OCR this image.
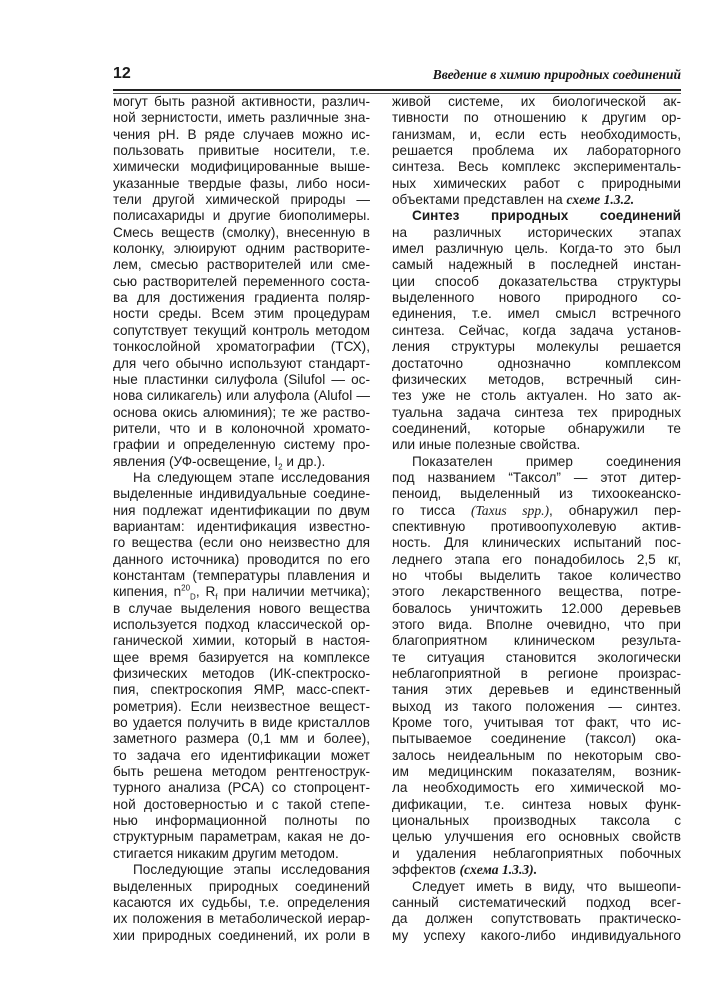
12	Введение в химию природных соединений

могут быть разной активности, различ-
ной зернистости, иметь различные зна-
чения pH. В ряде случаев можно ис-
пользовать привитые носители, т.е.
химически модифицированные выше-
указанные твердые фазы, либо носи-
тели другой химической природы —
полисахариды и другие биополимеры.
Смесь веществ (смолку), внесенную в
колонку, элюируют одним растворите-
лем, смесью растворителей или сме-
сью растворителей переменного соста-
ва для достижения градиента поляр-
ности среды. Всем этим процедурам
сопутствует текущий контроль методом
тонкослойной хроматографии (ТСХ),
для чего обычно используют стандарт-
ные пластинки силуфола (Silufol — ос-
нова силикагель) или алуфола (Alufol —
основа окись алюминия); те же раство-
рители, что и в колоночной хромато-
графии и определенную систему про-
явления (УФ-освещение, $I_2$ и др.).

На следующем этапе исследования
выделенные индивидуальные соедине-
ния подлежат идентификации по двум
вариантам: идентификация известно-
го вещества (если оно неизвестно для
данного источника) проводится по его
константам (температуры плавления и
кипения, $n^{20}_D$, $R_f$ при наличии метчика);
в случае выделения нового вещества
используется подход классической ор-
ганической химии, который в настоя-
щее время базируется на комплексе
физических методов (ИК-спектроско-
пия, спектроскопия ЯМР, масс-спект-
рометрия). Если неизвестное вещест-
во удается получить в виде кристаллов
заметного размера (0,1 мм и более),
то задача его идентификации может
быть решена методом рентгенострук-
турного анализа (РСА) со стопроцент-
ной достоверностью и с такой степе-
нью информационной полноты по
структурным параметрам, какая не до-
стигается никаким другим методом.

Последующие этапы исследования
выделенных природных соединений
касаются их судьбы, т.е. определения
их положения в метаболической иерар-
хии природных соединений, их роли в

живой системе, их биологической ак-
тивности по отношению к другим ор-
ганизмам, и, если есть необходимость,
решается проблема их лабораторного
синтеза. Весь комплекс эксперименталь-
ных химических работ с природными
объектами представлен на схеме 1.3.2.

Синтез природных соединений
на различных исторических этапах
имел различную цель. Когда-то это был
самый надежный в последней инстан-
ции способ доказательства структуры
выделенного нового природного со-
единения, т.е. имел смысл встречного
синтеза. Сейчас, когда задача установ-
ления структуры молекулы решается
достаточно однозначно комплексом
физических методов, встречный син-
тез уже не столь актуален. Но зато ак-
туальна задача синтеза тех природных
соединений, которые обнаружили те
или иные полезные свойства.

Показателен пример соединения
под названием “Таксол” — этот дитер-
пеноид, выделенный из тихоокеанско-
го тисса (Taxus spp.), обнаружил пер-
спективную противоопухолевую актив-
ность. Для клинических испытаний пос-
леднего этапа его понадобилось 2,5 кг,
но чтобы выделить такое количество
этого лекарственного вещества, потре-
бовалось уничтожить 12.000 деревьев
этого вида. Вполне очевидно, что при
благоприятном клиническом результа-
те ситуация становится экологически
неблагоприятной в регионе произрас-
тания этих деревьев и единственный
выход из такого положения — синтез.
Кроме того, учитывая тот факт, что ис-
пытываемое соединение (таксол) ока-
залось неидеальным по некоторым сво-
им медицинским показателям, возник-
ла необходимость его химической мо-
дификации, т.е. синтеза новых функ-
циональных производных таксола с
целью улучшения его основных свойств
и удаления неблагоприятных побочных
эффектов (схема 1.3.3).

Следует иметь в виду, что вышеопи-
санный систематический подход всег-
да должен сопутствовать практическо-
му успеху какого-либо индивидуального
